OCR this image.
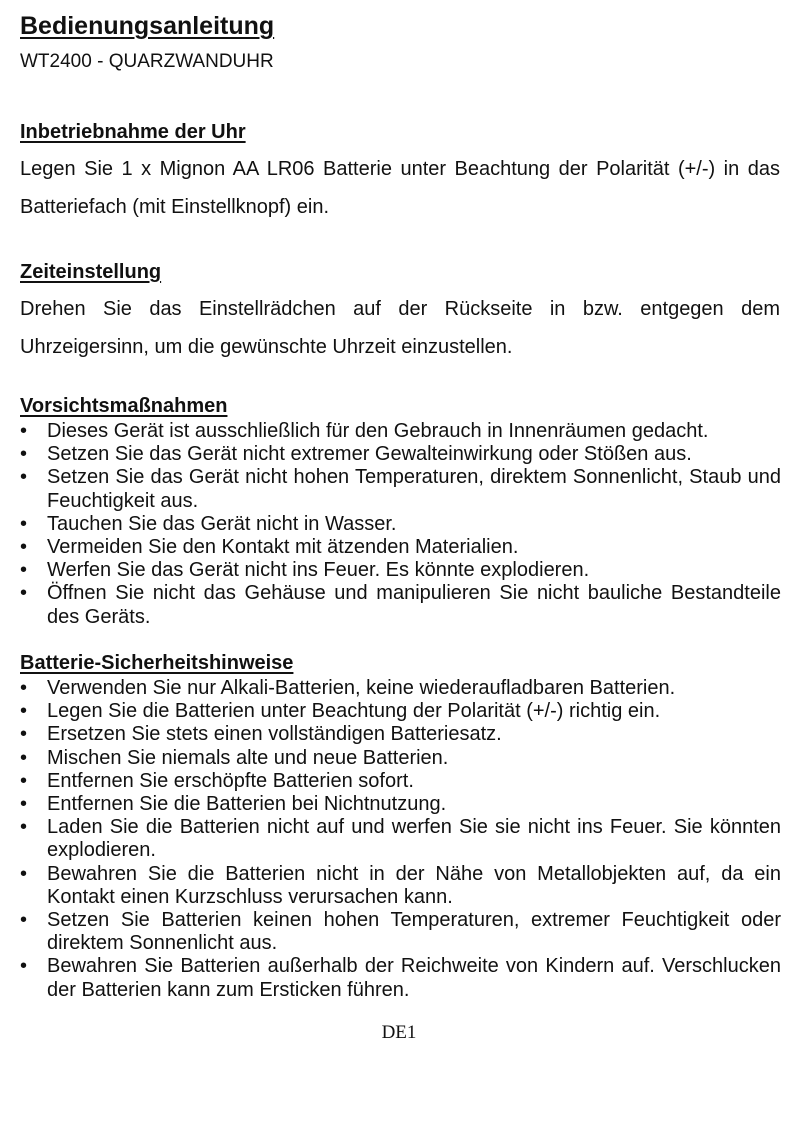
Bedienungsanleitung

WT2400 - QUARZWANDUHR

Inbetriebnahme der Uhr

Legen Sie 1 x Mignon AA LR06 Batterie unter Beachtung der Polarität (+/-) in das Batteriefach (mit Einstellknopf) ein.

Zeiteinstellung

Drehen Sie das Einstellrädchen auf der Rückseite in bzw. entgegen dem Uhrzeigersinn, um die gewünschte Uhrzeit einzustellen.

Vorsichtsmaßnahmen
• Dieses Gerät ist ausschließlich für den Gebrauch in Innenräumen gedacht.
• Setzen Sie das Gerät nicht extremer Gewalteinwirkung oder Stößen aus.
• Setzen Sie das Gerät nicht hohen Temperaturen, direktem Sonnenlicht, Staub und Feuchtigkeit aus.
• Tauchen Sie das Gerät nicht in Wasser.
• Vermeiden Sie den Kontakt mit ätzenden Materialien.
• Werfen Sie das Gerät nicht ins Feuer. Es könnte explodieren.
• Öffnen Sie nicht das Gehäuse und manipulieren Sie nicht bauliche Bestandteile des Geräts.
Batterie-Sicherheitshinweise
• Verwenden Sie nur Alkali-Batterien, keine wiederaufladbaren Batterien.
• Legen Sie die Batterien unter Beachtung der Polarität (+/-) richtig ein.
• Ersetzen Sie stets einen vollständigen Batteriesatz.
• Mischen Sie niemals alte und neue Batterien.
• Entfernen Sie erschöpfte Batterien sofort.
• Entfernen Sie die Batterien bei Nichtnutzung.
• Laden Sie die Batterien nicht auf und werfen Sie sie nicht ins Feuer. Sie könnten explodieren.
• Bewahren Sie die Batterien nicht in der Nähe von Metallobjekten auf, da ein Kontakt einen Kurzschluss verursachen kann.
• Setzen Sie Batterien keinen hohen Temperaturen, extremer Feuchtigkeit oder direktem Sonnenlicht aus.
• Bewahren Sie Batterien außerhalb der Reichweite von Kindern auf. Verschlucken der Batterien kann zum Ersticken führen.

DE1
